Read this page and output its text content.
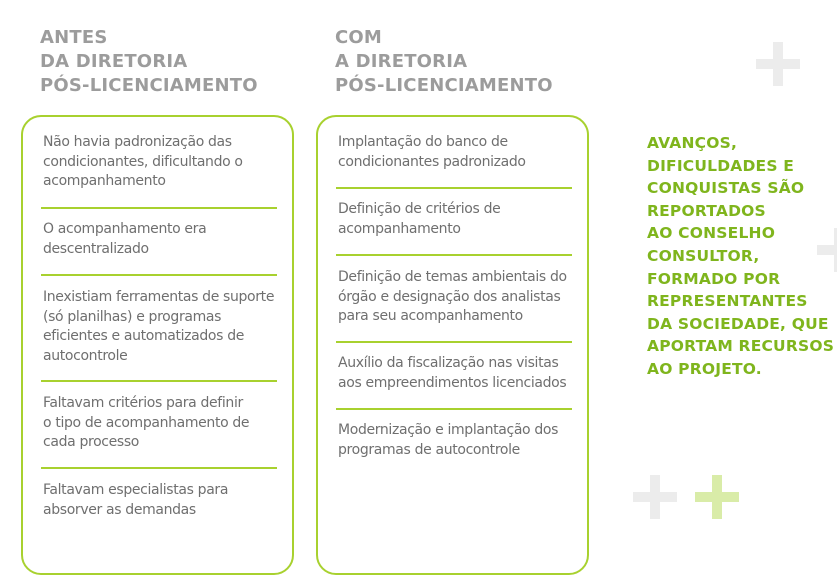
ANTES
DA DIRETORIA
PÓS-LICENCIAMENTO
COM
A DIRETORIA
PÓS-LICENCIAMENTO
Não havia padronização das
condicionantes, dificultando o
acompanhamento
O acompanhamento era
descentralizado
Inexistiam ferramentas de suporte
(só planilhas) e programas
eficientes e automatizados de
autocontrole
Faltavam critérios para definir
o tipo de acompanhamento de
cada processo
Faltavam especialistas para
absorver as demandas
Implantação do banco de
condicionantes padronizado
Definição de critérios de
acompanhamento
Definição de temas ambientais do
órgão e designação dos analistas
para seu acompanhamento
Auxílio da fiscalização nas visitas
aos empreendimentos licenciados
Modernização e implantação dos
programas de autocontrole

AVANÇOS,
DIFICULDADES E
CONQUISTAS SÃO
REPORTADOS
AO CONSELHO
CONSULTOR,
FORMADO POR
REPRESENTANTES
DA SOCIEDADE, QUE
APORTAM RECURSOS
AO PROJETO.
